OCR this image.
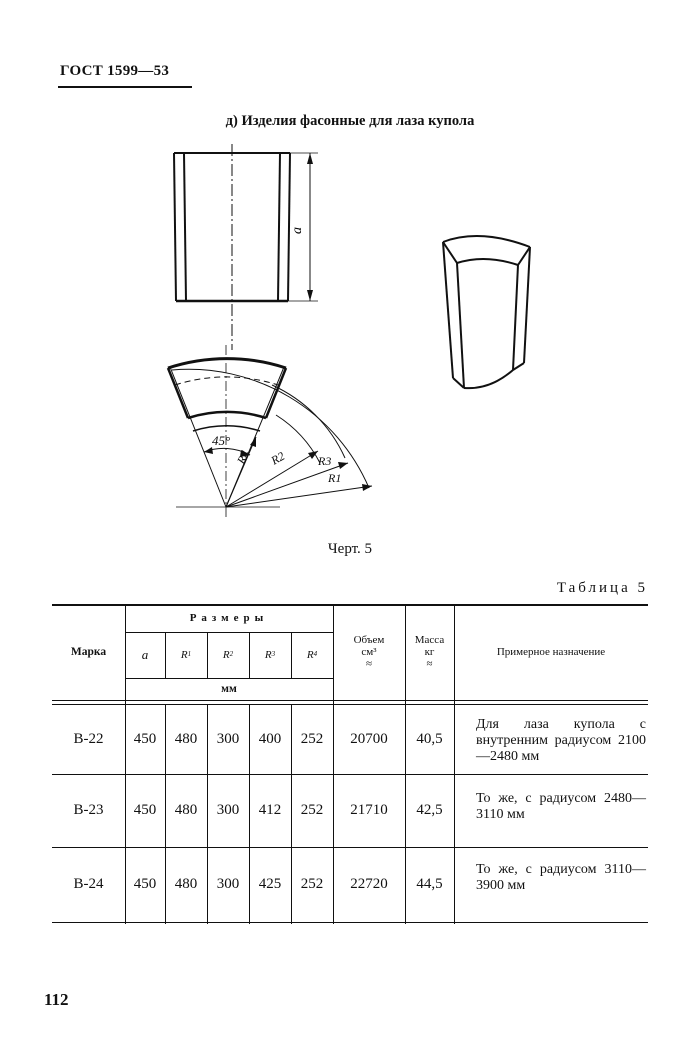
ГОСТ 1599—53
д) Изделия фасонные для лаза купола
a
45°
R4 R2	R3
R1
Черт. 5
Таблица 5
Марка
Размеры
a	R 1	R 2	R 3	R 4
мм
Объем
см³
≈
Масса
кг
≈
Примерное назначение
В-22	450	480	300	400	252	20700	40,5
Для лаза купола с внутренним радиусом 2100—2480 мм
В-23	450	480	300	412	252	21710	42,5
То же, с радиусом 2480—3110 мм
В-24	450	480	300	425	252	22720	44,5
То же, с радиусом 3110—3900 мм
112
